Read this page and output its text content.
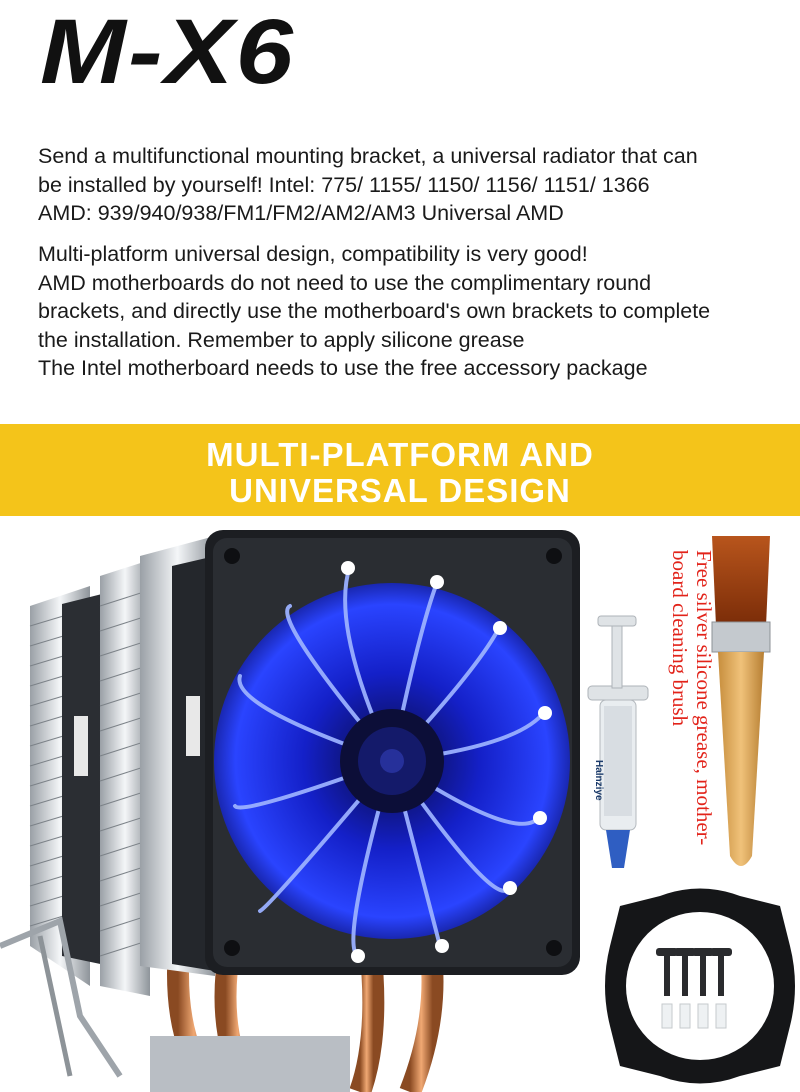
M-X6
Send a multifunctional mounting bracket, a universal radiator that can
be installed by yourself! Intel: 775/ 1155/ 1150/ 1156/ 1151/ 1366
AMD: 939/940/938/FM1/FM2/AM2/AM3 Universal AMD
Multi-platform universal design, compatibility is very good!
AMD motherboards do not need to use the complimentary round
brackets, and directly use the motherboard's own brackets to complete
the installation. Remember to apply silicone grease
The Intel motherboard needs to use the free accessory package
MULTI-PLATFORM AND
UNIVERSAL DESIGN
Halnziye	Free silver silicone grease, mother-
board cleaning brush
